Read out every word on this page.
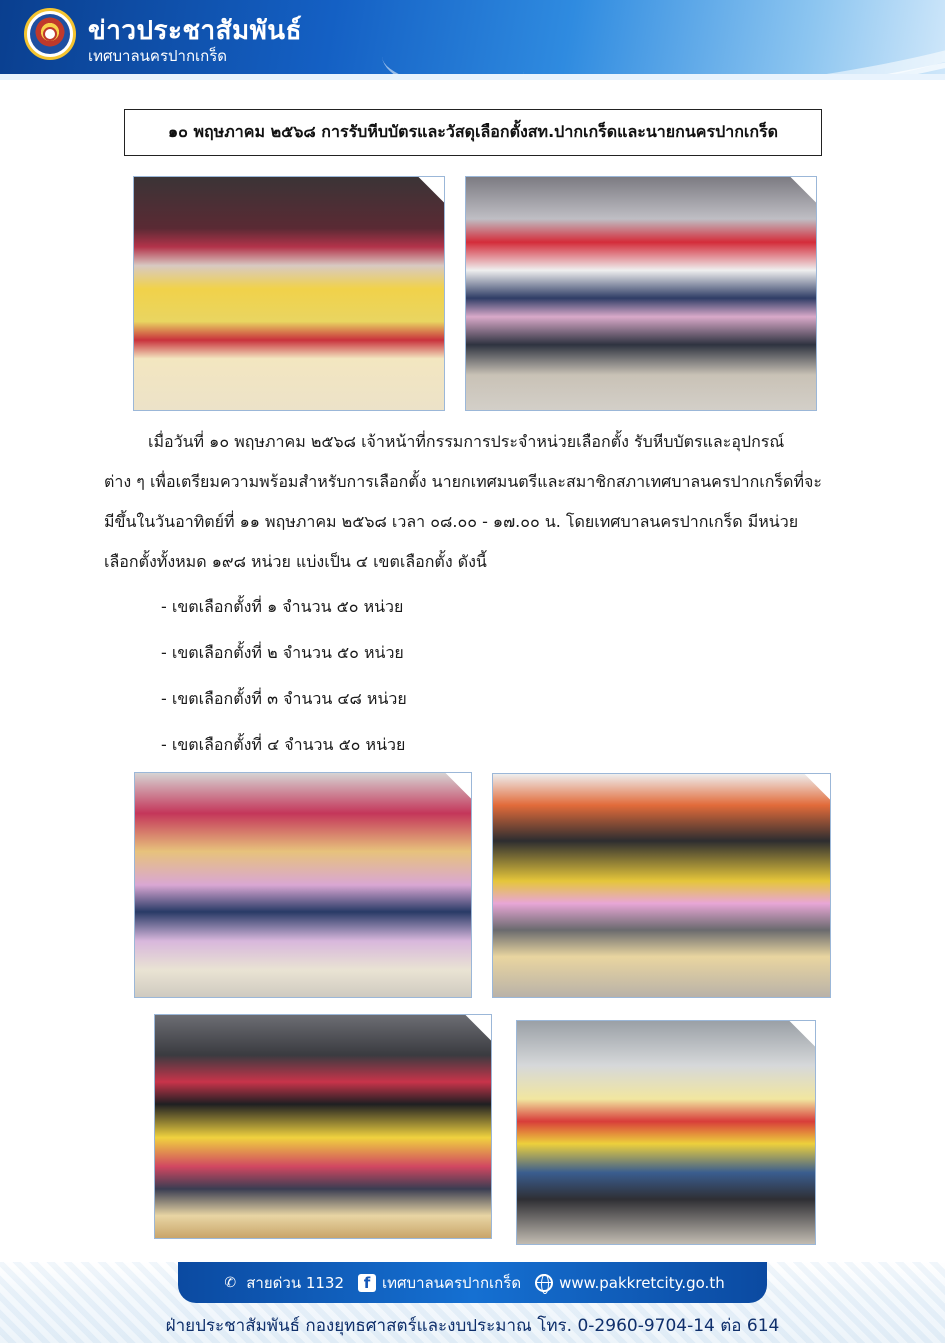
ข่าวประชาสัมพันธ์
เทศบาลนครปากเกร็ด
๑๐ พฤษภาคม ๒๕๖๘ การรับหีบบัตรและวัสดุเลือกตั้งสท.ปากเกร็ดและนายกนครปากเกร็ด
เมื่อวันที่ ๑๐ พฤษภาคม ๒๕๖๘ เจ้าหน้าที่กรรมการประจำหน่วยเลือกตั้ง รับหีบบัตรและอุปกรณ์
ต่าง ๆ เพื่อเตรียมความพร้อมสำหรับการเลือกตั้ง นายกเทศมนตรีและสมาชิกสภาเทศบาลนครปากเกร็ดที่จะ
มีขึ้นในวันอาทิตย์ที่ ๑๑ พฤษภาคม ๒๕๖๘ เวลา ๐๘.๐๐ - ๑๗.๐๐ น. โดยเทศบาลนครปากเกร็ด มีหน่วย
เลือกตั้งทั้งหมด ๑๙๘ หน่วย แบ่งเป็น ๔ เขตเลือกตั้ง ดังนี้
- เขตเลือกตั้งที่ ๑ จำนวน ๕๐ หน่วย
- เขตเลือกตั้งที่ ๒ จำนวน ๕๐ หน่วย
- เขตเลือกตั้งที่ ๓ จำนวน ๔๘ หน่วย
- เขตเลือกตั้งที่ ๔ จำนวน ๕๐ หน่วย
✆ สายด่วน 1132	f เทศบาลนครปากเกร็ด	www.pakkretcity.go.th
ฝ่ายประชาสัมพันธ์ กองยุทธศาสตร์และงบประมาณ โทร. 0-2960-9704-14 ต่อ 614
